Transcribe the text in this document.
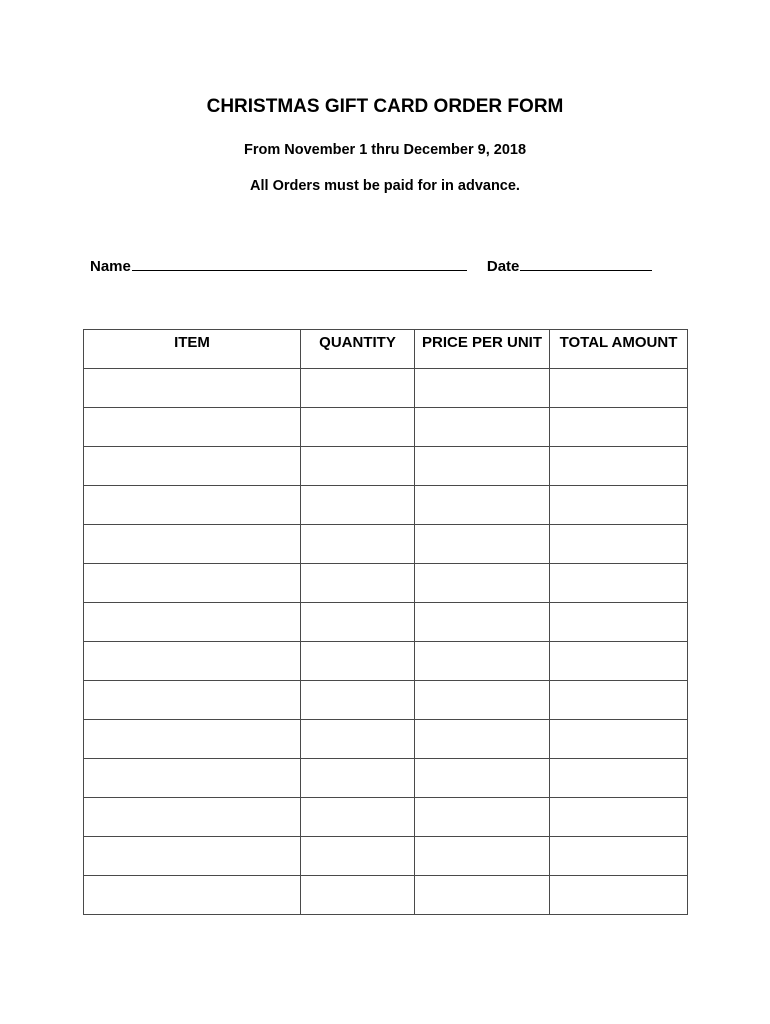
CHRISTMAS GIFT CARD ORDER FORM
From November 1 thru December 9, 2018
All Orders must be paid for in advance.
Name	Date
ITEM	QUANTITY	PRICE PER UNIT	TOTAL AMOUNT
